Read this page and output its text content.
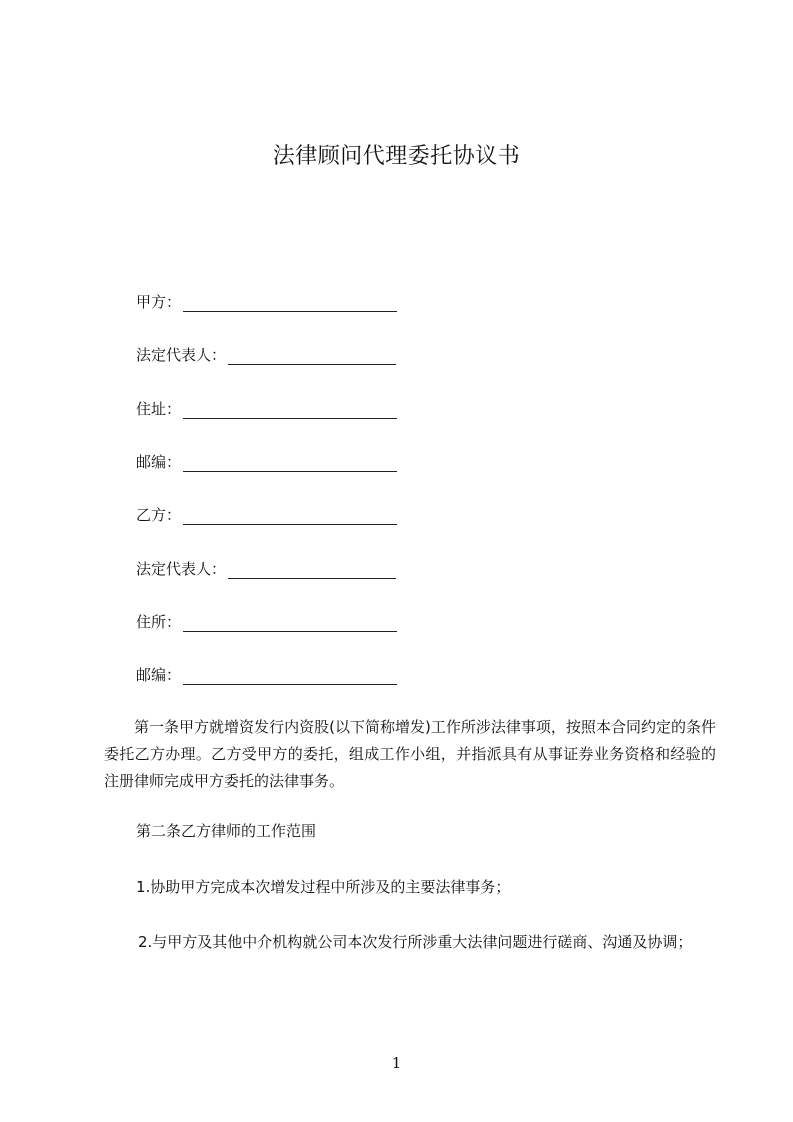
法律顾问代理委托协议书
甲方：
法定代表人：
住址：
邮编：
乙方：
法定代表人：
住所：
邮编：
第一条甲方就增资发行内资股(以下简称增发)工作所涉法律事项，按照本合同约定的条件委托乙方办理。乙方受甲方的委托，组成工作小组，并指派具有从事证券业务资格和经验的注册律师完成甲方委托的法律事务。
第二条乙方律师的工作范围
1.协助甲方完成本次增发过程中所涉及的主要法律事务；
2.与甲方及其他中介机构就公司本次发行所涉重大法律问题进行磋商、沟通及协调；
1
